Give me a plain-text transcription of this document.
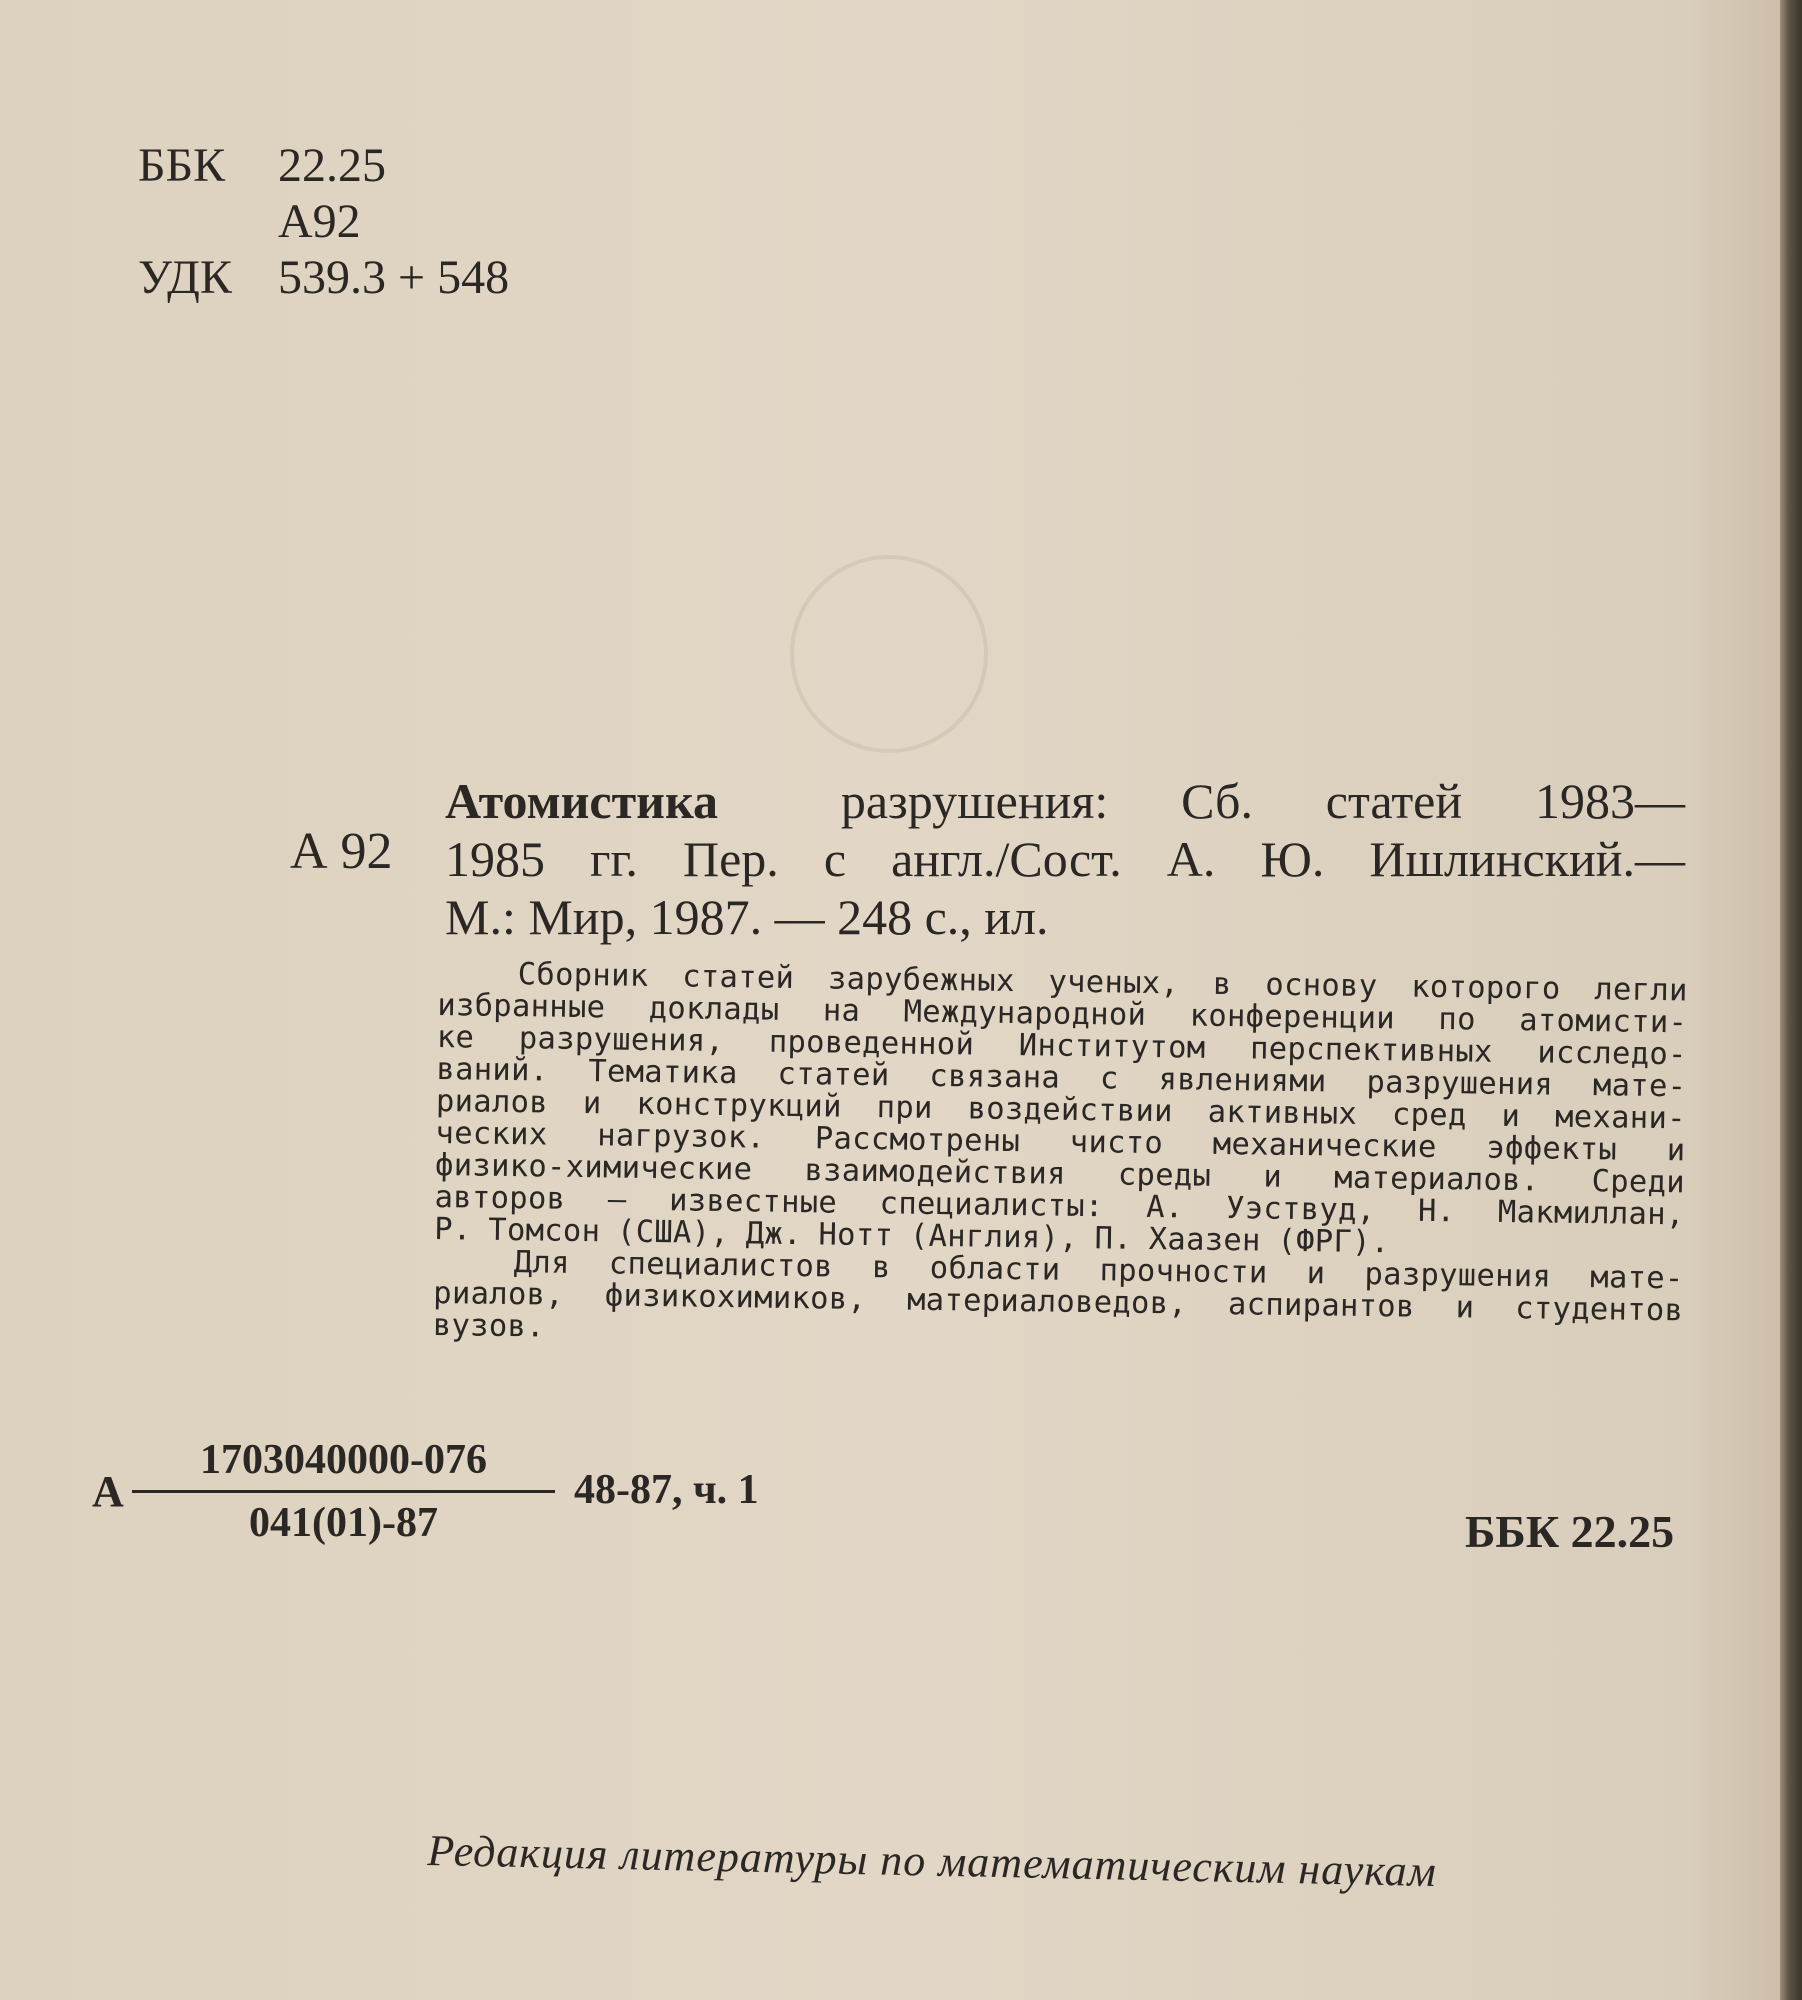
ББК	22.25
А92
УДК 539.3 + 548
А 92
Атомистика разрушения: Сб. статей 1983—
1985 гг. Пер. с англ./Сост. А. Ю. Ишлинский.—
М.: Мир, 1987. — 248 с., ил.
Сборник статей зарубежных ученых, в основу которого легли
избранные доклады на Международной конференции по атомисти-
ке разрушения, проведенной Институтом перспективных исследо-
ваний. Тематика статей связана с явлениями разрушения мате-
риалов и конструкций при воздействии активных сред и механи-
ческих нагрузок. Рассмотрены чисто механические эффекты и
физико-химические взаимодействия среды и материалов. Среди
авторов — известные специалисты: А. Уэствуд, Н. Макмиллан,
Р. Томсон (США), Дж. Нотт (Англия), П. Хаазен (ФРГ).
Для специалистов в области прочности и разрушения мате-
риалов, физикохимиков, материаловедов, аспирантов и студентов
вузов.
А
1703040000-076
041(01)-87
48-87, ч. 1
ББК 22.25
Редакция литературы по математическим наукам
